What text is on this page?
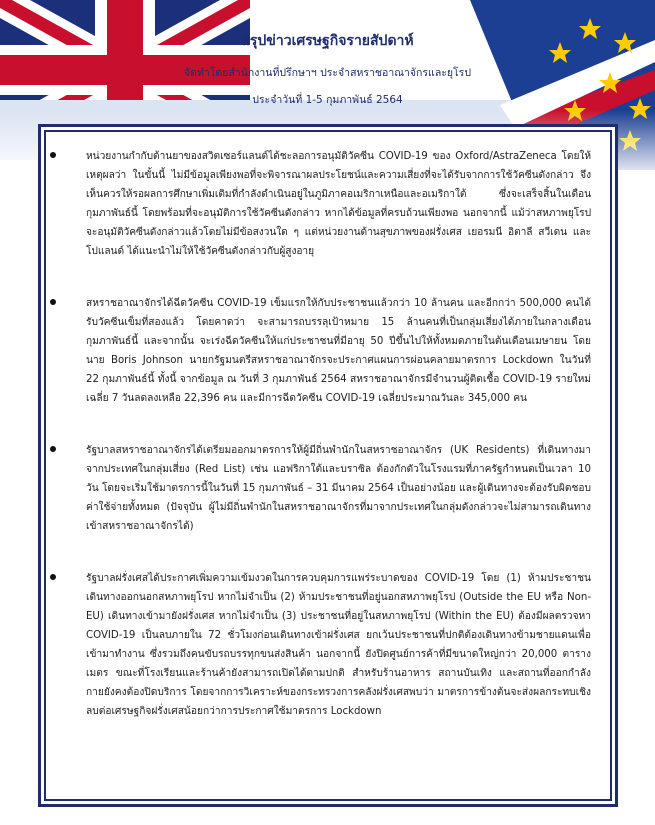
สรุปข่าวเศรษฐกิจรายสัปดาห์
จัดทำโดยสำนักงานที่ปรึกษาฯ ประจำสหราชอาณาจักรและยุโรป
ประจำวันที่ 1-5 กุมภาพันธ์ 2564
หน่วยงานกำกับด้านยาของสวิตเซอร์แลนด์ได้ชะลอการอนุมัติวัคซีน COVID-19 ของ Oxford/AstraZeneca โดยให้เหตุผลว่า ในขั้นนี้ ไม่มีข้อมูลเพียงพอที่จะพิจารณาผลประโยชน์และความเสี่ยงที่จะได้รับจากการใช้วัคซีนดังกล่าว จึงเห็นควรให้รอผลการศึกษาเพิ่มเติมที่กำลังดำเนินอยู่ในภูมิภาคอเมริกาเหนือและอเมริกาใต้ ซึ่งจะเสร็จสิ้นในเดือนกุมภาพันธ์นี้ โดยพร้อมที่จะอนุมัติการใช้วัคซีนดังกล่าว หากได้ข้อมูลที่ครบถ้วนเพียงพอ นอกจากนี้ แม้ว่าสหภาพยุโรปจะอนุมัติวัคซีนดังกล่าวแล้วโดยไม่มีข้อสงวนใด ๆ แต่หน่วยงานด้านสุขภาพของฝรั่งเศส เยอรมนี อิตาลี สวีเดน และโปแลนด์ ได้แนะนำไม่ให้ใช้วัคซีนดังกล่าวกับผู้สูงอายุ
สหราชอาณาจักรได้ฉีดวัคซีน COVID-19 เข็มแรกให้กับประชาชนแล้วกว่า 10 ล้านคน และอีกกว่า 500,000 คนได้รับวัคซีนเข็มที่สองแล้ว โดยคาดว่า จะสามารถบรรลุเป้าหมาย 15 ล้านคนที่เป็นกลุ่มเสี่ยงได้ภายในกลางเดือนกุมภาพันธ์นี้ และจากนั้น จะเร่งฉีดวัคซีนให้แก่ประชาชนที่มีอายุ 50 ปีขึ้นไปให้ทั้งหมดภายในต้นเดือนเมษายน โดยนาย Boris Johnson นายกรัฐมนตรีสหราชอาณาจักรจะประกาศแผนการผ่อนคลายมาตรการ Lockdown ในวันที่ 22 กุมภาพันธ์นี้ ทั้งนี้ จากข้อมูล ณ วันที่ 3 กุมภาพันธ์ 2564 สหราชอาณาจักรมีจำนวนผู้ติดเชื้อ COVID-19 รายใหม่เฉลี่ย 7 วันลดลงเหลือ 22,396 คน และมีการฉีดวัคซีน COVID-19 เฉลี่ยประมาณวันละ 345,000 คน
รัฐบาลสหราชอาณาจักรได้เตรียมออกมาตรการให้ผู้มีถิ่นพำนักในสหราชอาณาจักร (UK Residents) ที่เดินทางมาจากประเทศในกลุ่มเสี่ยง (Red List) เช่น แอฟริกาใต้และบราซิล ต้องกักตัวในโรงแรมที่ภาครัฐกำหนดเป็นเวลา 10 วัน โดยจะเริ่มใช้มาตรการนี้ในวันที่ 15 กุมภาพันธ์ – 31 มีนาคม 2564 เป็นอย่างน้อย และผู้เดินทางจะต้องรับผิดชอบค่าใช้จ่ายทั้งหมด (ปัจจุบัน ผู้ไม่มีถิ่นพำนักในสหราชอาณาจักรที่มาจากประเทศในกลุ่มดังกล่าวจะไม่สามารถเดินทางเข้าสหราชอาณาจักรได้)
รัฐบาลฝรั่งเศสได้ประกาศเพิ่มความเข้มงวดในการควบคุมการแพร่ระบาดของ COVID-19 โดย (1) ห้ามประชาชนเดินทางออกนอกสหภาพยุโรป หากไม่จำเป็น (2) ห้ามประชาชนที่อยู่นอกสหภาพยุโรป (Outside the EU หรือ Non-EU) เดินทางเข้ามายังฝรั่งเศส หากไม่จำเป็น (3) ประชาชนที่อยู่ในสหภาพยุโรป (Within the EU) ต้องมีผลตรวจหา COVID-19 เป็นลบภายใน 72 ชั่วโมงก่อนเดินทางเข้าฝรั่งเศส ยกเว้นประชาชนที่ปกติต้องเดินทางข้ามชายแดนเพื่อเข้ามาทำงาน ซึ่งรวมถึงคนขับรถบรรทุกขนส่งสินค้า นอกจากนี้ ยังปิดศูนย์การค้าที่มีขนาดใหญ่กว่า 20,000 ตารางเมตร ขณะที่โรงเรียนและร้านค้ายังสามารถเปิดได้ตามปกติ สำหรับร้านอาหาร สถานบันเทิง และสถานที่ออกกำลังกายยังคงต้องปิดบริการ โดยจากการวิเคราะห์ของกระทรวงการคลังฝรั่งเศสพบว่า มาตรการข้างต้นจะส่งผลกระทบเชิงลบต่อเศรษฐกิจฝรั่งเศสน้อยกว่าการประกาศใช้มาตรการ Lockdown
